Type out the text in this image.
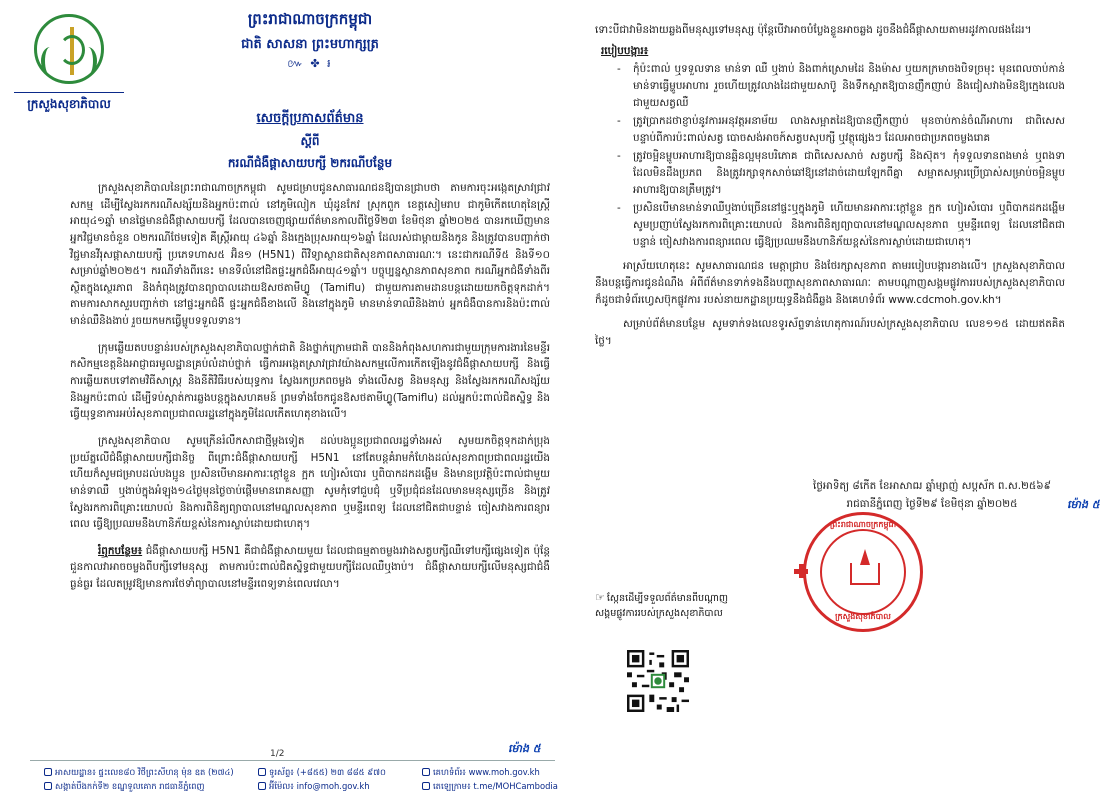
ក្រសួងសុខាភិបាល
ព្រះរាជាណាចក្រកម្ពុជា
ជាតិ សាសនា ព្រះមហាក្សត្រ
៚ ✤ ៛
សេចក្តីប្រកាសព័ត៌មាន
ស្តីពី
ករណីជំងឺផ្តាសាយបក្សី ២ករណីបន្ថែម

ក្រសួងសុខាភិបាលនៃព្រះរាជាណាចក្រកម្ពុជា សូមជម្រាបជូនសាធារណជនឱ្យបានជ្រាបថា តាមការចុះអង្កេតស្រាវជ្រាវសកម្ម ដើម្បីស្វែងរកករណីសង្ស័យនិងអ្នកប៉ះពាល់ នៅភូមិលៀក ឃុំដូនកែវ ស្រុកពួក ខេត្តសៀមរាប ជាកូមិកើតហេតុនៃស្ត្រីអាយុ៤១ឆ្នាំ មានផ្ទៃមានជំងឺផ្តាសាយបក្សី ដែលបានចេញផ្សាយព័ត៌មានកាលពីថ្ងៃទី២៣ ខែមិថុនា ឆ្នាំ២០២៥ បានរកឃើញមានអ្នកវិជ្ជមានចំនួន ០២ករណីថែមទៀត គឺស្ត្រីអាយុ ៤៦ឆ្នាំ និងក្មេងប្រុសអាយុ១៦ឆ្នាំ ដែលរស់ជាម្តាយនិងកូន និងត្រូវបានបញ្ជាក់ថា វិជ្ជមានវីរុសផ្តាសាយបក្សី ប្រភេទហាស៥ អ៊ិន១ (H5N1) ពីវិទ្យាស្ថានជាតិសុខភាពសាធារណៈ។ នេះជាករណីទី៥ និងទី១០ សម្រាប់ឆ្នាំ២០២៥។ ករណីទាំងពីរនេះ មានទីលំនៅជិតផ្ទះអ្នកជំងឺអាយុ៤១ឆ្នាំ។ បច្ចុប្បន្នស្ថានភាពសុខភាព ករណីអ្នកជំងឺទាំងពីរ ស្ថិតក្នុងស្ថេរភាព និងកំពុងត្រូវបានព្យាបាលដោយឱសថតាមីហ្វ្លូ (Tamiflu) ជាមួយការតាមដានបន្តដោយយកចិត្តទុកដាក់។ តាមការសាកសួរបញ្ជាក់ថា នៅផ្ទះអ្នកជំងឺ ផ្ទះអ្នកជំងឺខាងលើ និងនៅក្នុងភូមិ មានមាន់ទាឈឺនិងងាប់ អ្នកជំងឺបានការនិងប៉ះពាល់មាន់ឈឺនិងងាប់ រួចយកមកធ្វើម្ហូបទទួលទាន។

ក្រុមឆ្លើយតបបន្ទាន់របស់ក្រសួងសុខាភិបាលថ្នាក់ជាតិ និងថ្នាក់ក្រោមជាតិ បាននិងកំពុងសហការជាមួយក្រុមការងារនៃមន្ទីរកសិកម្មខេត្តនិងអាជ្ញាធរមូលដ្ឋានគ្រប់លំដាប់ថ្នាក់ ធ្វើការអង្កេតស្រាវជ្រាវយ៉ាងសកម្មលើការកើតឡើងនូវជំងឺផ្តាសាយបក្សី និងធ្វើការឆ្លើយតបទៅតាមវិធីសាស្រ្ត និងនីតិវិធីរបស់យុទ្ធការ ស្វែងរកប្រភពចម្លង ទាំងលើសត្វ និងមនុស្ស និងស្វែងរកករណីសង្ស័យនិងអ្នកប៉ះពាល់ ដើម្បីទប់ស្កាត់ការឆ្លងបន្តក្នុងសហគមន៍ ព្រមទាំងចែកជូនឱសថតាមីហ្វ្លូ(Tamiflu) ដល់អ្នកប៉ះពាល់ជិតស្និទ្ធ និងធ្វើយុទ្ធនាការអប់រំសុខភាពប្រជាពលរដ្ឋនៅក្នុងភូមិដែលកើតហេតុខាងលើ។

ក្រសួងសុខាភិបាល សូមក្រើនរំលឹកសាជាថ្មីម្តងទៀត ដល់បងប្អូនប្រជាពលរដ្ឋទាំងអស់ សូមយកចិត្តទុកដាក់ប្រុងប្រយ័ត្នលើជំងឺផ្តាសាយបក្សីជានិច្ច ពីព្រោះជំងឺផ្តាសាយបក្សី H5N1 នៅតែបន្តគំរាមកំហែងដល់សុខភាពប្រជាពលរដ្ឋយើង ហើយក៏សូមជម្រាបដល់បងប្អូន ប្រសិនបើមានអាការៈក្តៅខ្លួន ក្អក ហៀរសំបោរ ឬពិបាកដកដង្ហើម និងមានប្រវត្តិប៉ះពាល់ជាមួយមាន់ទាឈឺ ឬងាប់ក្នុងអំឡុង១៤ថ្ងៃមុនថ្ងៃចាប់ផ្តើមមានរោគសញ្ញា សូមកុំទៅជួបជុំ ឬទីប្រជុំជនដែលមានមនុស្សច្រើន និងត្រូវស្វែងរកការពិគ្រោះយោបល់ និងការពិនិត្យព្យាបាលនៅមណ្ឌលសុខភាព ឬមន្ទីរពេទ្យ ដែលនៅជិតជាបន្ទាន់ ចៀសវាងការពន្យារពេល ធ្វើឱ្យប្រឈមនឹងហានិភ័យខ្ពស់នៃការស្លាប់ដោយជាហេតុ។

រំឮកបន្ថែម៖ ជំងឺផ្តាសាយបក្សី H5N1 គឺជាជំងឺផ្តាសាយមួយ ដែលជាធម្មតាចម្លងរវាងសត្វបក្សីឈឺទៅបក្សីផ្សេងទៀត ប៉ុន្តែជួនកាលវាអាចចម្លងពីបក្សីទៅមនុស្ស តាមការប៉ះពាល់ជិតស្និទ្ធជាមួយបក្សីដែលឈឺឬងាប់។ ជំងឺផ្តាសាយបក្សីលើមនុស្សជាជំងឺធ្ងន់ធ្ងរ ដែលតម្រូវឱ្យមានការថែទាំព្យាបាលនៅមន្ទីរពេទ្យទាន់ពេលវេលា។

ម៉ោង ៥
1/2
អាសយដ្ឋាន៖ ផ្ទះលេខ៨០ វិថីព្រះសីហនុ ម៉ុន ឧត (២៧៤)
សង្កាត់បឹងកក់ទី២ ខណ្ឌទួលគោក រាជធានីភ្នំពេញ
ទូរស័ព្ទ៖ (+៨៥៥) ២៣ ៨៨៥ ៩៧០
អ៊ីម៉ែល៖ info@moh.gov.kh
គេហទំព័រ៖ www.moh.gov.kh
តេឡេក្រាម៖ t.me/MOHCambodia

ទោះបីជាវាមិនងាយឆ្លងពីមនុស្សទៅមនុស្ស ប៉ុន្តែបើវាអាចបំប្លែងខ្លួនអាចឆ្លង ដូចនឹងជំងឺផ្តាសាយតាមរដូវកាលផងដែរ។

របៀបបង្ការ៖
- កុំប៉ះពាល់ ឬទទួលទាន មាន់ទា ឈឺ ឬងាប់ និងពាក់ស្រោមដៃ និងម៉ាស ឬយកក្រមាចងបិទច្រមុះ មុនពេលចាប់កាន់មាន់ទាធ្វើម្ហូបអាហារ រួចហើយត្រូវលាងដៃជាមួយសាប៊ូ និងទឹកស្អាតឱ្យបានញឹកញាប់ និងជៀសវាងមិនឱ្យក្មេងលេងជាមួយសត្វឈឺ
- ត្រូវប្រាកដថាខ្ញាប់នូវការអនុវត្តអនាម័យ លាងសម្អាតដៃឱ្យបានញឹកញាប់ មុនចាប់កាន់ចំណីអាហារ ជាពិសេសបន្ទាប់ពីការប៉ះពាល់សត្វ បោចសង់អាចក៍សត្វបសុបក្សី ឬវត្ថុផ្សេងៗ ដែលអាចជាប្រភពចម្លងរោគ
- ត្រូវចម្អិនម្ហូបអាហារឱ្យបានឆ្អិនល្អមុនបរិភោគ ជាពិសេសសាច់ សត្វបក្សី និងស៊ុត។ កុំទទួលទានពងមាន់ ឬពងទាដែលមិនដឹងប្រភព និងត្រូវរក្សាទុកសាច់ឆៅឱ្យនៅដាច់ដោយឡែកពីគ្នា សម្អាតសម្ភារប្រើប្រាស់សម្រាប់ចម្អិនម្ហូបអាហារឱ្យបានត្រឹមត្រូវ។
- ប្រសិនបើមានមាន់ទាឈឺឬងាប់ច្រើននៅផ្ទះឬក្នុងភូមិ ហើយមានអាការៈក្តៅខ្លួន ក្អក ហៀរសំបោរ ឬពិបាកដកដង្ហើម សូមប្រញាប់ស្វែងរកការពិគ្រោះយោបល់ និងការពិនិត្យព្យាបាលនៅមណ្ឌលសុខភាព ឬមន្ទីរពេទ្យ ដែលនៅជិតជាបន្ទាន់ ចៀសវាងការពន្យារពេល ធ្វើឱ្យប្រឈមនឹងហានិភ័យខ្ពស់នៃការស្លាប់ដោយជាហេតុ។

អាស្រ័យហេតុនេះ សូមសាធារណជន មេត្តាជ្រាប និងថែរក្សាសុខភាព តាមរបៀបបង្ការខាងលើ។ ក្រសួងសុខាភិបាលនឹងបន្តធ្វើការជូនដំណឹង អំពីព័ត៌មានទាក់ទងនឹងបញ្ហាសុខភាពសាធារណៈ តាមបណ្តាញសង្គមផ្លូវការរបស់ក្រសួងសុខាភិបាល ក៏ដូចជាទំព័រហ្វេសប៊ុកផ្លូវការ របស់នាយកដ្ឋានប្រយុទ្ធនឹងជំងឺឆ្លង និងគេហទំព័រ www.cdcmoh.gov.kh។

សម្រាប់ព័ត៌មានបន្ថែម សូមទាក់ទងលេខទូរស័ព្ទទាន់ហេតុការណ៍របស់ក្រសួងសុខាភិបាល លេខ១១៥ ដោយឥតគិតថ្លៃ។

ថ្ងៃអាទិត្យ ៨កើត ខែអាសាឍ ឆ្នាំម្សាញ់ សប្តស័ក ព.ស.២៥៦៩
រាជធានីភ្នំពេញ ថ្ងៃទី២៩ ខែមិថុនា ឆ្នាំ២០២៥	ម៉ោង ៥
ព្រះរាជាណាចក្រកម្ពុជា
ក្រសួងសុខាភិបាល
☞ ស្កែនដើម្បីទទួលព័ត៌មានពីបណ្តាញសង្គមផ្លូវការរបស់ក្រសួងសុខាភិបាល
